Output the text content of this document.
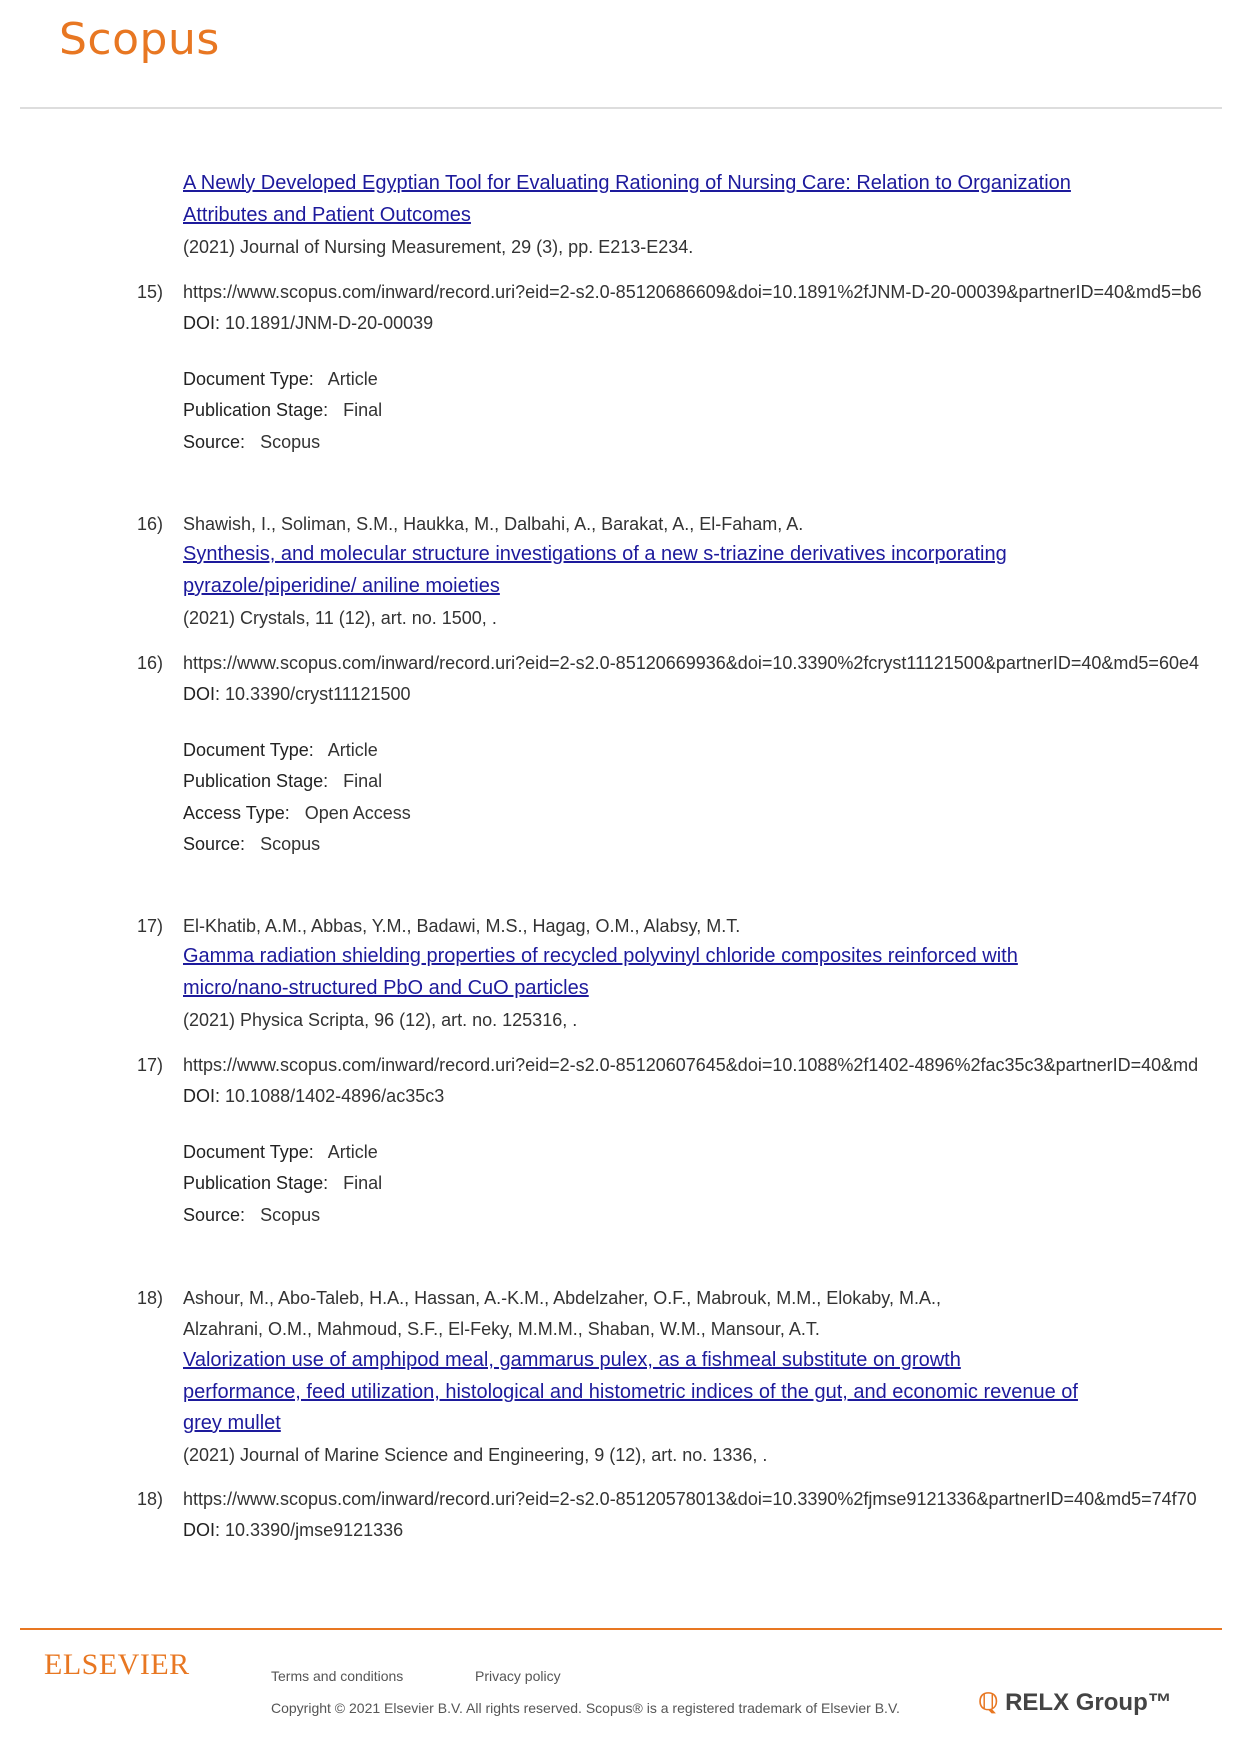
Scopus
A Newly Developed Egyptian Tool for Evaluating Rationing of Nursing Care: Relation to Organization
Attributes and Patient Outcomes
(2021) Journal of Nursing Measurement, 29 (3), pp. E213-E234.
15) https://www.scopus.com/inward/record.uri?eid=2-s2.0-85120686609&doi=10.1891%2fJNM-D-20-00039&partnerID=40&md5=b6
DOI: 10.1891/JNM-D-20-00039
Document Type: Article
Publication Stage: Final
Source: Scopus
16) Shawish, I., Soliman, S.M., Haukka, M., Dalbahi, A., Barakat, A., El-Faham, A.
Synthesis, and molecular structure investigations of a new s-triazine derivatives incorporating
pyrazole/piperidine/ aniline moieties
(2021) Crystals, 11 (12), art. no. 1500, .
16) https://www.scopus.com/inward/record.uri?eid=2-s2.0-85120669936&doi=10.3390%2fcryst11121500&partnerID=40&md5=60e4
DOI: 10.3390/cryst11121500
Document Type: Article
Publication Stage: Final
Access Type: Open Access
Source: Scopus
17) El-Khatib, A.M., Abbas, Y.M., Badawi, M.S., Hagag, O.M., Alabsy, M.T.
Gamma radiation shielding properties of recycled polyvinyl chloride composites reinforced with
micro/nano-structured PbO and CuO particles
(2021) Physica Scripta, 96 (12), art. no. 125316, .
17) https://www.scopus.com/inward/record.uri?eid=2-s2.0-85120607645&doi=10.1088%2f1402-4896%2fac35c3&partnerID=40&md
DOI: 10.1088/1402-4896/ac35c3
Document Type: Article
Publication Stage: Final
Source: Scopus
18) Ashour, M., Abo-Taleb, H.A., Hassan, A.-K.M., Abdelzaher, O.F., Mabrouk, M.M., Elokaby, M.A.,
Alzahrani, O.M., Mahmoud, S.F., El-Feky, M.M.M., Shaban, W.M., Mansour, A.T.
Valorization use of amphipod meal, gammarus pulex, as a fishmeal substitute on growth
performance, feed utilization, histological and histometric indices of the gut, and economic revenue of
grey mullet
(2021) Journal of Marine Science and Engineering, 9 (12), art. no. 1336, .
18) https://www.scopus.com/inward/record.uri?eid=2-s2.0-85120578013&doi=10.3390%2fjmse9121336&partnerID=40&md5=74f70
DOI: 10.3390/jmse9121336
ELSEVIER	Terms and conditions	Privacy policy
Copyright © 2021 Elsevier B.V. All rights reserved. Scopus® is a registered trademark of Elsevier B.V.	ℚ RELX Group™
